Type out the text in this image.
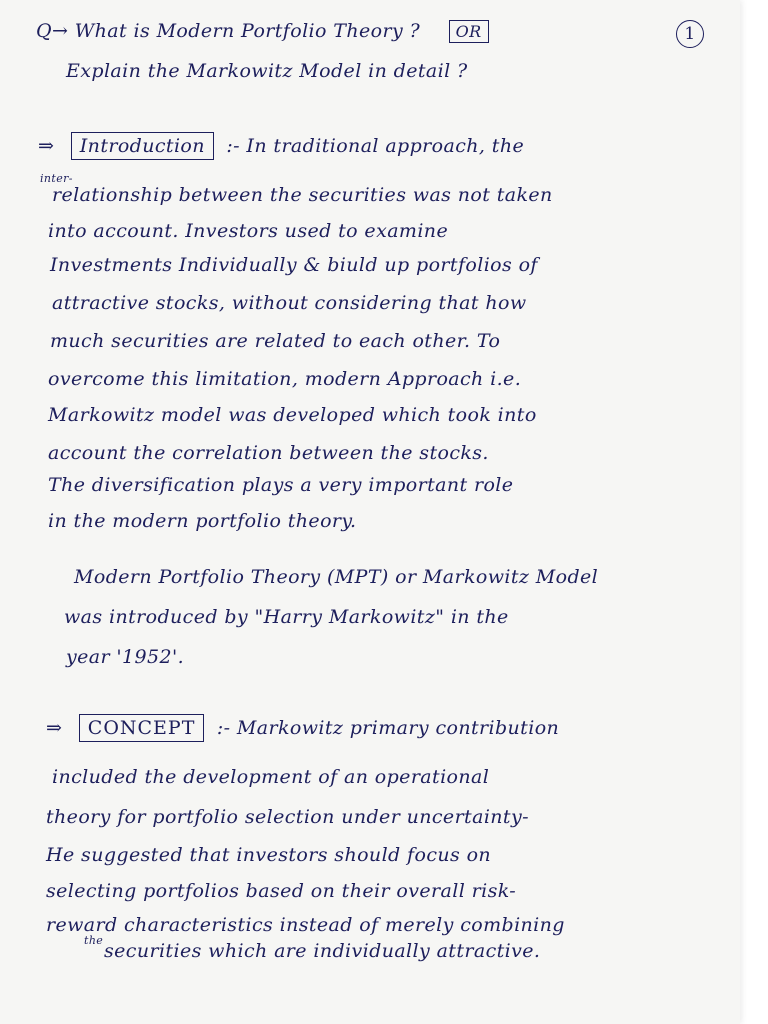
Q→ What is Modern Portfolio Theory ? OR	1
Explain the Markowitz Model in detail ?
⇒ Introduction :- In traditional approach, the
inter-
relationship between the securities was not taken
into account. Investors used to examine
Investments Individually & biuld up portfolios of
attractive stocks, without considering that how
much securities are related to each other. To
overcome this limitation, modern Approach i.e.
Markowitz model was developed which took into
account the correlation between the stocks.
The diversification plays a very important role
in the modern portfolio theory.
Modern Portfolio Theory (MPT) or Markowitz Model
was introduced by "Harry Markowitz" in the
year '1952'.
⇒ CONCEPT :- Markowitz primary contribution
included the development of an operational
theory for portfolio selection under uncertainty-
He suggested that investors should focus on
selecting portfolios based on their overall risk-
reward characteristics instead of merely combining
the securities which are individually attractive.
